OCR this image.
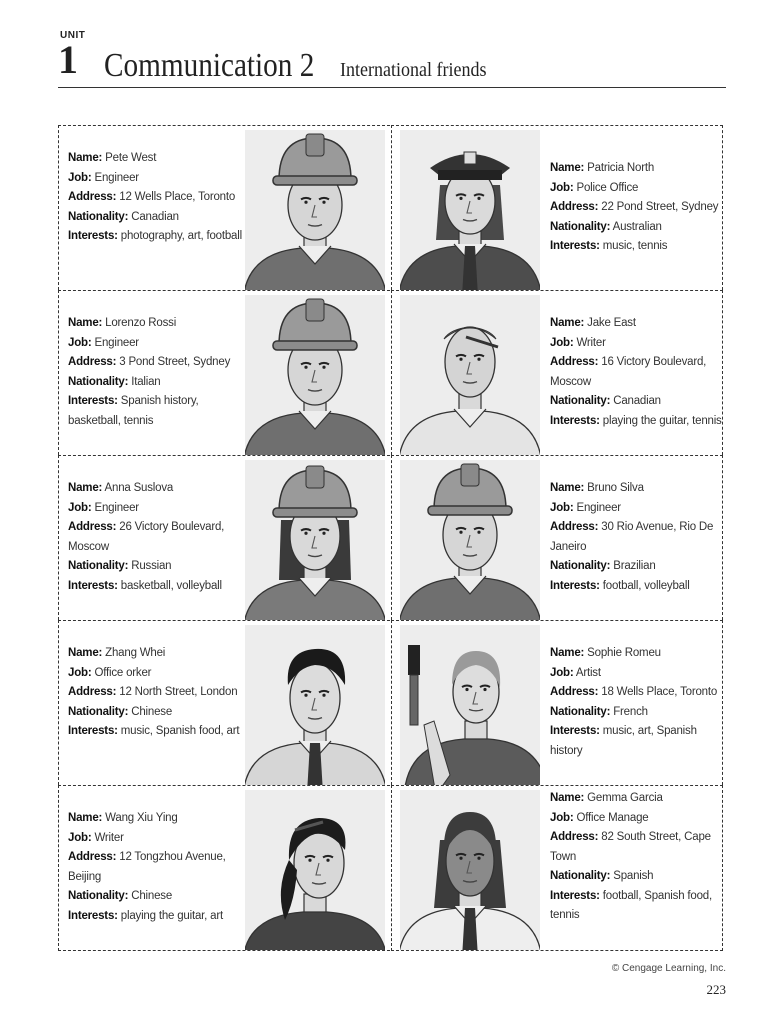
UNIT
1 Communication 2 International friends
Name: Pete West
Job: Engineer
Address: 12 Wells Place, Toronto
Nationality: Canadian
Interests: photography, art, football
Name: Patricia North
Job: Police Office
Address: 22 Pond Street, Sydney
Nationality: Australian
Interests: music, tennis
Name: Lorenzo Rossi
Job: Engineer
Address: 3 Pond Street, Sydney
Nationality: Italian
Interests: Spanish history, basketball, tennis
Name: Jake East
Job: Writer
Address: 16 Victory Boulevard, Moscow
Nationality: Canadian
Interests: playing the guitar, tennis
Name: Anna Suslova
Job: Engineer
Address: 26 Victory Boulevard, Moscow
Nationality: Russian
Interests: basketball, volleyball
Name: Bruno Silva
Job: Engineer
Address: 30 Rio Avenue, Rio De Janeiro
Nationality: Brazilian
Interests: football, volleyball
Name: Zhang Whei
Job: Office orker
Address: 12 North Street, London
Nationality: Chinese
Interests: music, Spanish food, art
Name: Sophie Romeu
Job: Artist
Address: 18 Wells Place, Toronto
Nationality: French
Interests: music, art, Spanish history
Name: Wang Xiu Ying
Job: Writer
Address: 12 Tongzhou Avenue, Beijing
Nationality: Chinese
Interests: playing the guitar, art
Name: Gemma Garcia
Job: Office Manage
Address: 82 South Street, Cape Town
Nationality: Spanish
Interests: football, Spanish food, tennis
© Cengage Learning, Inc.
223
